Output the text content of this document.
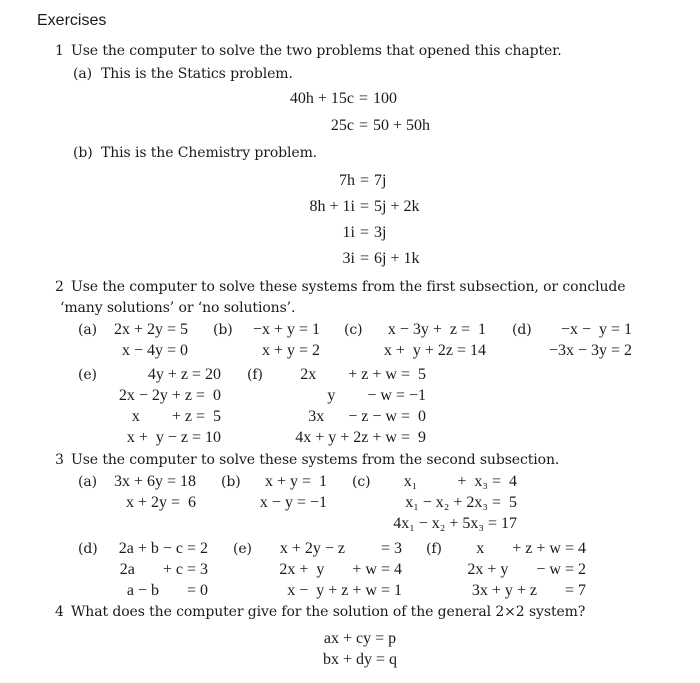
Exercises
1 Use the computer to solve the two problems that opened this chapter.
(a) This is the Statics problem.
40h + 15c = 100
25c = 50 + 50h
(b) This is the Chemistry problem.
7h = 7j
8h + 1i = 5j + 2k
1i = 3j
3i = 6j + 1k
2 Use the computer to solve these systems from the first subsection, or conclude
‘many solutions’ or ‘no solutions’.
(a)	2x + 2y = 5
x − 4y = 0
(b)	−x + y = 1
x + y = 2
(c)	x − 3y +  z =  1
x +  y + 2z = 14
(d)	−x −  y = 1
−3x − 3y = 2
(e)	4y + z = 20
2x − 2y + z =  0
x        + z =  5
x +  y − z = 10
(f)	2x        + z + w =  5
y        − w = −1
3x      − z − w =  0
4x + y + 2z + w =  9
3 Use the computer to solve these systems from the second subsection.
(a)	3x + 6y = 18
x + 2y =  6
(b)	x + y =  1
x − y = −1
(c)	x₁          +  x₃ =  4
x₁ − x₂ + 2x₃ =  5
4x₁ − x₂ + 5x₃ = 17
(d)	2a + b − c = 2
2a       + c = 3
a − b       = 0
(e)	x + 2y − z         = 3
2x +  y       + w = 4
x −  y + z + w = 1
(f)	x       + z + w = 4
2x + y       − w = 2
3x + y + z       = 7
4 What does the computer give for the solution of the general 2×2 system?
ax + cy = p
bx + dy = q
